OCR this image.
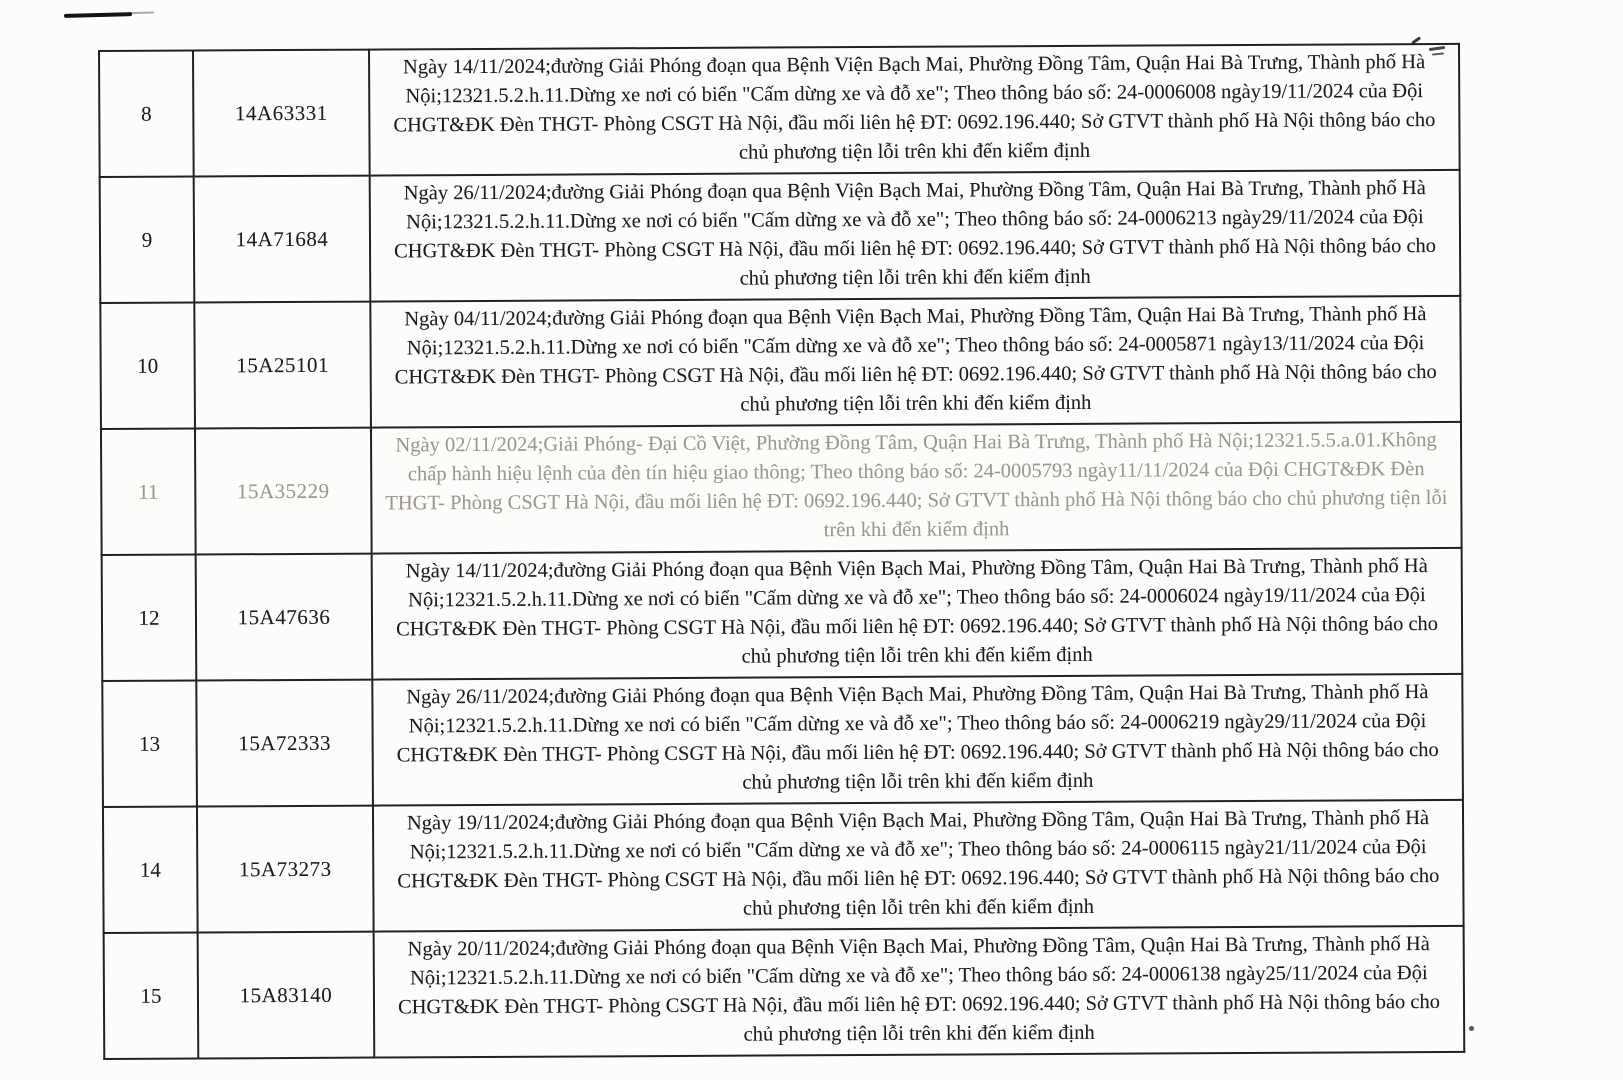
8	14A63331	Ngày 14/11/2024;đường Giải Phóng đoạn qua Bệnh Viện Bạch Mai, Phường Đồng Tâm, Quận Hai Bà Trưng, Thành phố Hà Nội;12321.5.2.h.11.Dừng xe nơi có biển "Cấm dừng xe và đỗ xe"; Theo thông báo số: 24-0006008 ngày19/11/2024 của Đội CHGT&ĐK Đèn THGT- Phòng CSGT Hà Nội, đầu mối liên hệ ĐT: 0692.196.440; Sở GTVT thành phố Hà Nội thông báo cho chủ phương tiện lỗi trên khi đến kiểm định
9	14A71684	Ngày 26/11/2024;đường Giải Phóng đoạn qua Bệnh Viện Bạch Mai, Phường Đồng Tâm, Quận Hai Bà Trưng, Thành phố Hà Nội;12321.5.2.h.11.Dừng xe nơi có biển "Cấm dừng xe và đỗ xe"; Theo thông báo số: 24-0006213 ngày29/11/2024 của Đội CHGT&ĐK Đèn THGT- Phòng CSGT Hà Nội, đầu mối liên hệ ĐT: 0692.196.440; Sở GTVT thành phố Hà Nội thông báo cho chủ phương tiện lỗi trên khi đến kiểm định
10	15A25101	Ngày 04/11/2024;đường Giải Phóng đoạn qua Bệnh Viện Bạch Mai, Phường Đồng Tâm, Quận Hai Bà Trưng, Thành phố Hà Nội;12321.5.2.h.11.Dừng xe nơi có biển "Cấm dừng xe và đỗ xe"; Theo thông báo số: 24-0005871 ngày13/11/2024 của Đội CHGT&ĐK Đèn THGT- Phòng CSGT Hà Nội, đầu mối liên hệ ĐT: 0692.196.440; Sở GTVT thành phố Hà Nội thông báo cho chủ phương tiện lỗi trên khi đến kiểm định
11	15A35229	Ngày 02/11/2024;Giải Phóng- Đại Cồ Việt, Phường Đồng Tâm, Quận Hai Bà Trưng, Thành phố Hà Nội;12321.5.5.a.01.Không chấp hành hiệu lệnh của đèn tín hiệu giao thông; Theo thông báo số: 24-0005793 ngày11/11/2024 của Đội CHGT&ĐK Đèn THGT- Phòng CSGT Hà Nội, đầu mối liên hệ ĐT: 0692.196.440; Sở GTVT thành phố Hà Nội thông báo cho chủ phương tiện lỗi trên khi đến kiểm định
12	15A47636	Ngày 14/11/2024;đường Giải Phóng đoạn qua Bệnh Viện Bạch Mai, Phường Đồng Tâm, Quận Hai Bà Trưng, Thành phố Hà Nội;12321.5.2.h.11.Dừng xe nơi có biển "Cấm dừng xe và đỗ xe"; Theo thông báo số: 24-0006024 ngày19/11/2024 của Đội CHGT&ĐK Đèn THGT- Phòng CSGT Hà Nội, đầu mối liên hệ ĐT: 0692.196.440; Sở GTVT thành phố Hà Nội thông báo cho chủ phương tiện lỗi trên khi đến kiểm định
13	15A72333	Ngày 26/11/2024;đường Giải Phóng đoạn qua Bệnh Viện Bạch Mai, Phường Đồng Tâm, Quận Hai Bà Trưng, Thành phố Hà Nội;12321.5.2.h.11.Dừng xe nơi có biển "Cấm dừng xe và đỗ xe"; Theo thông báo số: 24-0006219 ngày29/11/2024 của Đội CHGT&ĐK Đèn THGT- Phòng CSGT Hà Nội, đầu mối liên hệ ĐT: 0692.196.440; Sở GTVT thành phố Hà Nội thông báo cho chủ phương tiện lỗi trên khi đến kiểm định
14	15A73273	Ngày 19/11/2024;đường Giải Phóng đoạn qua Bệnh Viện Bạch Mai, Phường Đồng Tâm, Quận Hai Bà Trưng, Thành phố Hà Nội;12321.5.2.h.11.Dừng xe nơi có biển "Cấm dừng xe và đỗ xe"; Theo thông báo số: 24-0006115 ngày21/11/2024 của Đội CHGT&ĐK Đèn THGT- Phòng CSGT Hà Nội, đầu mối liên hệ ĐT: 0692.196.440; Sở GTVT thành phố Hà Nội thông báo cho chủ phương tiện lỗi trên khi đến kiểm định
15	15A83140	Ngày 20/11/2024;đường Giải Phóng đoạn qua Bệnh Viện Bạch Mai, Phường Đồng Tâm, Quận Hai Bà Trưng, Thành phố Hà Nội;12321.5.2.h.11.Dừng xe nơi có biển "Cấm dừng xe và đỗ xe"; Theo thông báo số: 24-0006138 ngày25/11/2024 của Đội CHGT&ĐK Đèn THGT- Phòng CSGT Hà Nội, đầu mối liên hệ ĐT: 0692.196.440; Sở GTVT thành phố Hà Nội thông báo cho chủ phương tiện lỗi trên khi đến kiểm định
